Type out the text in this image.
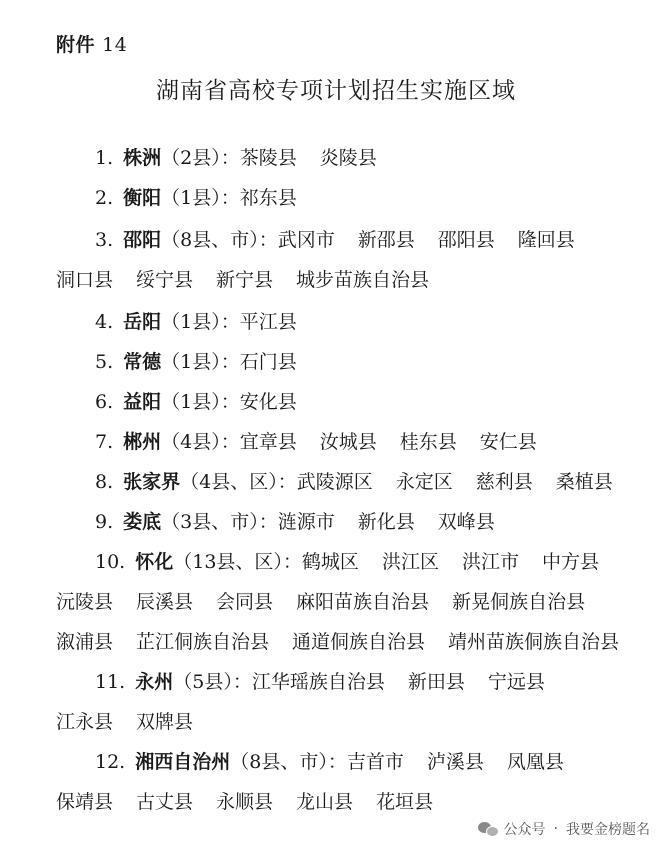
附件 14
湖南省高校专项计划招生实施区域
1. 株洲（2县）：茶陵县 炎陵县
2. 衡阳（1县）：祁东县
3. 邵阳（8县、市）：武冈市 新邵县 邵阳县 隆回县
洞口县 绥宁县 新宁县 城步苗族自治县
4. 岳阳（1县）：平江县
5. 常德（1县）：石门县
6. 益阳（1县）：安化县
7. 郴州（4县）：宜章县 汝城县 桂东县 安仁县
8. 张家界（4县、区）：武陵源区 永定区 慈利县 桑植县
9. 娄底（3县、市）：涟源市 新化县 双峰县
10. 怀化（13县、区）：鹤城区 洪江区 洪江市 中方县
沅陵县 辰溪县 会同县 麻阳苗族自治县 新晃侗族自治县
溆浦县 芷江侗族自治县 通道侗族自治县 靖州苗族侗族自治县
11. 永州（5县）：江华瑶族自治县 新田县 宁远县
江永县 双牌县
12. 湘西自治州（8县、市）：吉首市 泸溪县 凤凰县
保靖县 古丈县 永顺县 龙山县 花垣县
公众号 · 我要金榜题名
